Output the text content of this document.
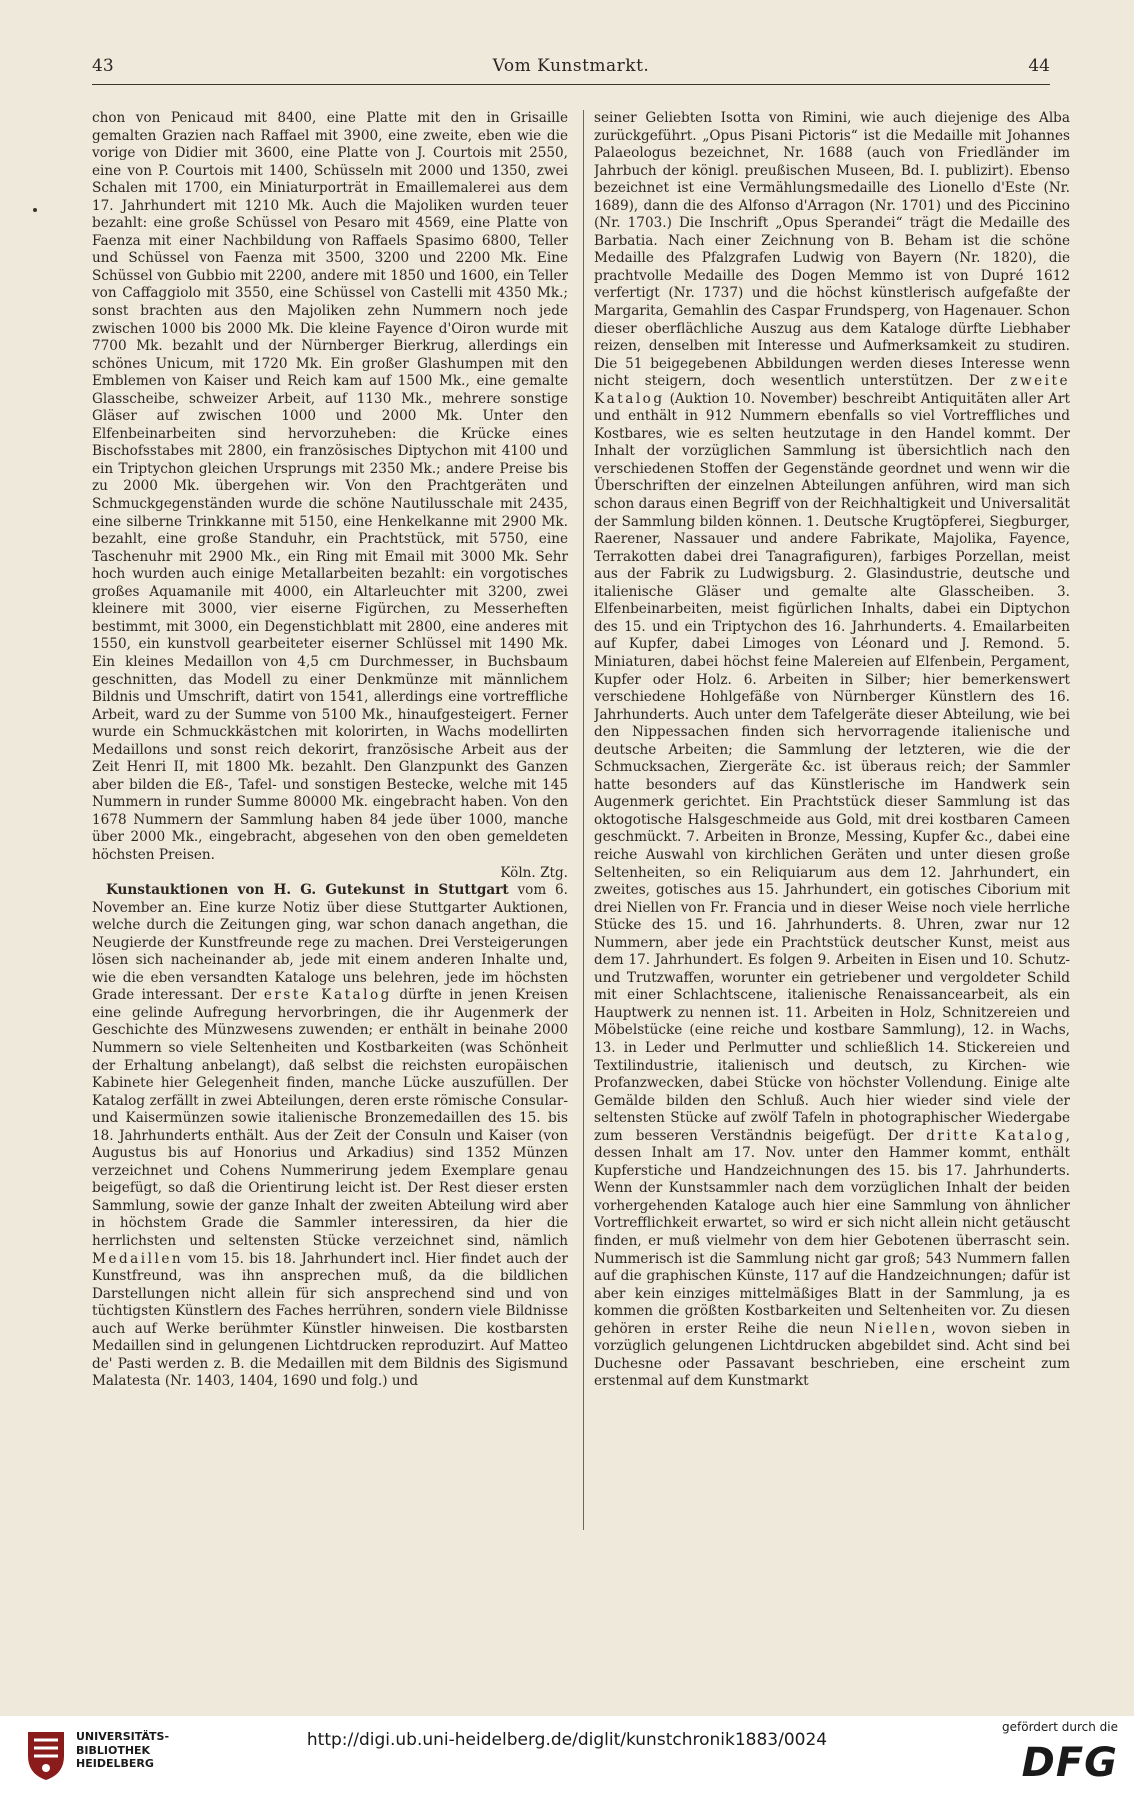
43	Vom Kunstmarkt.	44

chon von Penicaud mit 8400, eine Platte mit den in Grisaille gemalten Grazien nach Raffael mit 3900, eine zweite, eben wie die vorige von Didier mit 3600, eine Platte von J. Courtois mit 2550, eine von P. Courtois mit 1400, Schüsseln mit 2000 und 1350, zwei Schalen mit 1700, ein Miniaturporträt in Emaillemalerei aus dem 17. Jahrhundert mit 1210 Mk. Auch die Majoliken wurden teuer bezahlt: eine große Schüssel von Pesaro mit 4569, eine Platte von Faenza mit einer Nachbildung von Raffaels Spasimo 6800, Teller und Schüssel von Faenza mit 3500, 3200 und 2200 Mk. Eine Schüssel von Gubbio mit 2200, andere mit 1850 und 1600, ein Teller von Caffaggiolo mit 3550, eine Schüssel von Castelli mit 4350 Mk.; sonst brachten aus den Majoliken zehn Nummern noch jede zwischen 1000 bis 2000 Mk. Die kleine Fayence d'Oiron wurde mit 7700 Mk. bezahlt und der Nürnberger Bierkrug, allerdings ein schönes Unicum, mit 1720 Mk. Ein großer Glashumpen mit den Emblemen von Kaiser und Reich kam auf 1500 Mk., eine gemalte Glasscheibe, schweizer Arbeit, auf 1130 Mk., mehrere sonstige Gläser auf zwischen 1000 und 2000 Mk. Unter den Elfenbeinarbeiten sind hervorzuheben: die Krücke eines Bischofsstabes mit 2800, ein französisches Diptychon mit 4100 und ein Triptychon gleichen Ursprungs mit 2350 Mk.; andere Preise bis zu 2000 Mk. übergehen wir. Von den Prachtgeräten und Schmuckgegenständen wurde die schöne Nautilusschale mit 2435, eine silberne Trinkkanne mit 5150, eine Henkelkanne mit 2900 Mk. bezahlt, eine große Standuhr, ein Prachtstück, mit 5750, eine Taschenuhr mit 2900 Mk., ein Ring mit Email mit 3000 Mk. Sehr hoch wurden auch einige Metallarbeiten bezahlt: ein vorgotisches großes Aquamanile mit 4000, ein Altarleuchter mit 3200, zwei kleinere mit 3000, vier eiserne Figürchen, zu Messerheften bestimmt, mit 3000, ein Degenstichblatt mit 2800, eine anderes mit 1550, ein kunstvoll gearbeiteter eiserner Schlüssel mit 1490 Mk. Ein kleines Medaillon von 4,5 cm Durchmesser, in Buchsbaum geschnitten, das Modell zu einer Denkmünze mit männlichem Bildnis und Umschrift, datirt von 1541, allerdings eine vortreffliche Arbeit, ward zu der Summe von 5100 Mk., hinaufgesteigert. Ferner wurde ein Schmuckkästchen mit kolorirten, in Wachs modellirten Medaillons und sonst reich dekorirt, französische Arbeit aus der Zeit Henri II, mit 1800 Mk. bezahlt. Den Glanzpunkt des Ganzen aber bilden die Eß-, Tafel- und sonstigen Bestecke, welche mit 145 Nummern in runder Summe 80000 Mk. eingebracht haben. Von den 1678 Nummern der Sammlung haben 84 jede über 1000, manche über 2000 Mk., eingebracht, abgesehen von den oben gemeldeten höchsten Preisen.
Köln. Ztg.

Kunstauktionen von H. G. Gutekunst in Stuttgart vom 6. November an. Eine kurze Notiz über diese Stuttgarter Auktionen, welche durch die Zeitungen ging, war schon danach angethan, die Neugierde der Kunstfreunde rege zu machen. Drei Versteigerungen lösen sich nacheinander ab, jede mit einem anderen Inhalte und, wie die eben versandten Kataloge uns belehren, jede im höchsten Grade interessant. Der erste Katalog dürfte in jenen Kreisen eine gelinde Aufregung hervorbringen, die ihr Augenmerk der Geschichte des Münzwesens zuwenden; er enthält in beinahe 2000 Nummern so viele Seltenheiten und Kostbarkeiten (was Schönheit der Erhaltung anbelangt), daß selbst die reichsten europäischen Kabinete hier Gelegenheit finden, manche Lücke auszufüllen. Der Katalog zerfällt in zwei Abteilungen, deren erste römische Consular- und Kaisermünzen sowie italienische Bronzemedaillen des 15. bis 18. Jahrhunderts enthält. Aus der Zeit der Consuln und Kaiser (von Augustus bis auf Honorius und Arkadius) sind 1352 Münzen verzeichnet und Cohens Nummerirung jedem Exemplare genau beigefügt, so daß die Orientirung leicht ist. Der Rest dieser ersten Sammlung, sowie der ganze Inhalt der zweiten Abteilung wird aber in höchstem Grade die Sammler interessiren, da hier die herrlichsten und seltensten Stücke verzeichnet sind, nämlich Medaillen vom 15. bis 18. Jahrhundert incl. Hier findet auch der Kunstfreund, was ihn ansprechen muß, da die bildlichen Darstellungen nicht allein für sich ansprechend sind und von tüchtigsten Künstlern des Faches herrühren, sondern viele Bildnisse auch auf Werke berühmter Künstler hinweisen. Die kostbarsten Medaillen sind in gelungenen Lichtdrucken reproduzirt. Auf Matteo de' Pasti werden z. B. die Medaillen mit dem Bildnis des Sigismund Malatesta (Nr. 1403, 1404, 1690 und folg.) und

seiner Geliebten Isotta von Rimini, wie auch diejenige des Alba zurückgeführt. „Opus Pisani Pictoris“ ist die Medaille mit Johannes Palaeologus bezeichnet, Nr. 1688 (auch von Friedländer im Jahrbuch der königl. preußischen Museen, Bd. I. publizirt). Ebenso bezeichnet ist eine Vermählungsmedaille des Lionello d'Este (Nr. 1689), dann die des Alfonso d'Arragon (Nr. 1701) und des Piccinino (Nr. 1703.) Die Inschrift „Opus Sperandei“ trägt die Medaille des Barbatia. Nach einer Zeichnung von B. Beham ist die schöne Medaille des Pfalzgrafen Ludwig von Bayern (Nr. 1820), die prachtvolle Medaille des Dogen Memmo ist von Dupré 1612 verfertigt (Nr. 1737) und die höchst künstlerisch aufgefaßte der Margarita, Gemahlin des Caspar Frundsperg, von Hagenauer. Schon dieser oberflächliche Auszug aus dem Kataloge dürfte Liebhaber reizen, denselben mit Interesse und Aufmerksamkeit zu studiren. Die 51 beigegebenen Abbildungen werden dieses Interesse wenn nicht steigern, doch wesentlich unterstützen. Der zweite Katalog (Auktion 10. November) beschreibt Antiquitäten aller Art und enthält in 912 Nummern ebenfalls so viel Vortreffliches und Kostbares, wie es selten heutzutage in den Handel kommt. Der Inhalt der vorzüglichen Sammlung ist übersichtlich nach den verschiedenen Stoffen der Gegenstände geordnet und wenn wir die Überschriften der einzelnen Abteilungen anführen, wird man sich schon daraus einen Begriff von der Reichhaltigkeit und Universalität der Sammlung bilden können. 1. Deutsche Krugtöpferei, Siegburger, Raerener, Nassauer und andere Fabrikate, Majolika, Fayence, Terrakotten dabei drei Tanagrafiguren), farbiges Porzellan, meist aus der Fabrik zu Ludwigsburg. 2. Glasindustrie, deutsche und italienische Gläser und gemalte alte Glasscheiben. 3. Elfenbeinarbeiten, meist figürlichen Inhalts, dabei ein Diptychon des 15. und ein Triptychon des 16. Jahrhunderts. 4. Emailarbeiten auf Kupfer, dabei Limoges von Léonard und J. Remond. 5. Miniaturen, dabei höchst feine Malereien auf Elfenbein, Pergament, Kupfer oder Holz. 6. Arbeiten in Silber; hier bemerkenswert verschiedene Hohlgefäße von Nürnberger Künstlern des 16. Jahrhunderts. Auch unter dem Tafelgeräte dieser Abteilung, wie bei den Nippessachen finden sich hervorragende italienische und deutsche Arbeiten; die Sammlung der letzteren, wie die der Schmucksachen, Ziergeräte &c. ist überaus reich; der Sammler hatte besonders auf das Künstlerische im Handwerk sein Augenmerk gerichtet. Ein Prachtstück dieser Sammlung ist das oktogotische Halsgeschmeide aus Gold, mit drei kostbaren Cameen geschmückt. 7. Arbeiten in Bronze, Messing, Kupfer &c., dabei eine reiche Auswahl von kirchlichen Geräten und unter diesen große Seltenheiten, so ein Reliquiarum aus dem 12. Jahrhundert, ein zweites, gotisches aus 15. Jahrhundert, ein gotisches Ciborium mit drei Niellen von Fr. Francia und in dieser Weise noch viele herrliche Stücke des 15. und 16. Jahrhunderts. 8. Uhren, zwar nur 12 Nummern, aber jede ein Prachtstück deutscher Kunst, meist aus dem 17. Jahrhundert. Es folgen 9. Arbeiten in Eisen und 10. Schutz- und Trutzwaffen, worunter ein getriebener und vergoldeter Schild mit einer Schlachtscene, italienische Renaissancearbeit, als ein Hauptwerk zu nennen ist. 11. Arbeiten in Holz, Schnitzereien und Möbelstücke (eine reiche und kostbare Sammlung), 12. in Wachs, 13. in Leder und Perlmutter und schließlich 14. Stickereien und Textilindustrie, italienisch und deutsch, zu Kirchen- wie Profanzwecken, dabei Stücke von höchster Vollendung. Einige alte Gemälde bilden den Schluß. Auch hier wieder sind viele der seltensten Stücke auf zwölf Tafeln in photographischer Wiedergabe zum besseren Verständnis beigefügt. Der dritte Katalog, dessen Inhalt am 17. Nov. unter den Hammer kommt, enthält Kupferstiche und Handzeichnungen des 15. bis 17. Jahrhunderts. Wenn der Kunstsammler nach dem vorzüglichen Inhalt der beiden vorhergehenden Kataloge auch hier eine Sammlung von ähnlicher Vortrefflichkeit erwartet, so wird er sich nicht allein nicht getäuscht finden, er muß vielmehr von dem hier Gebotenen überrascht sein. Nummerisch ist die Sammlung nicht gar groß; 543 Nummern fallen auf die graphischen Künste, 117 auf die Handzeichnungen; dafür ist aber kein einziges mittelmäßiges Blatt in der Sammlung, ja es kommen die größten Kostbarkeiten und Seltenheiten vor. Zu diesen gehören in erster Reihe die neun Niellen, wovon sieben in vorzüglich gelungenen Lichtdrucken abgebildet sind. Acht sind bei Duchesne oder Passavant beschrieben, eine erscheint zum erstenmal auf dem Kunstmarkt

UNIVERSITÄTS-
BIBLIOTHEK
HEIDELBERG
http://digi.ub.uni-heidelberg.de/diglit/kunstchronik1883/0024
gefördert durch die
DFG
